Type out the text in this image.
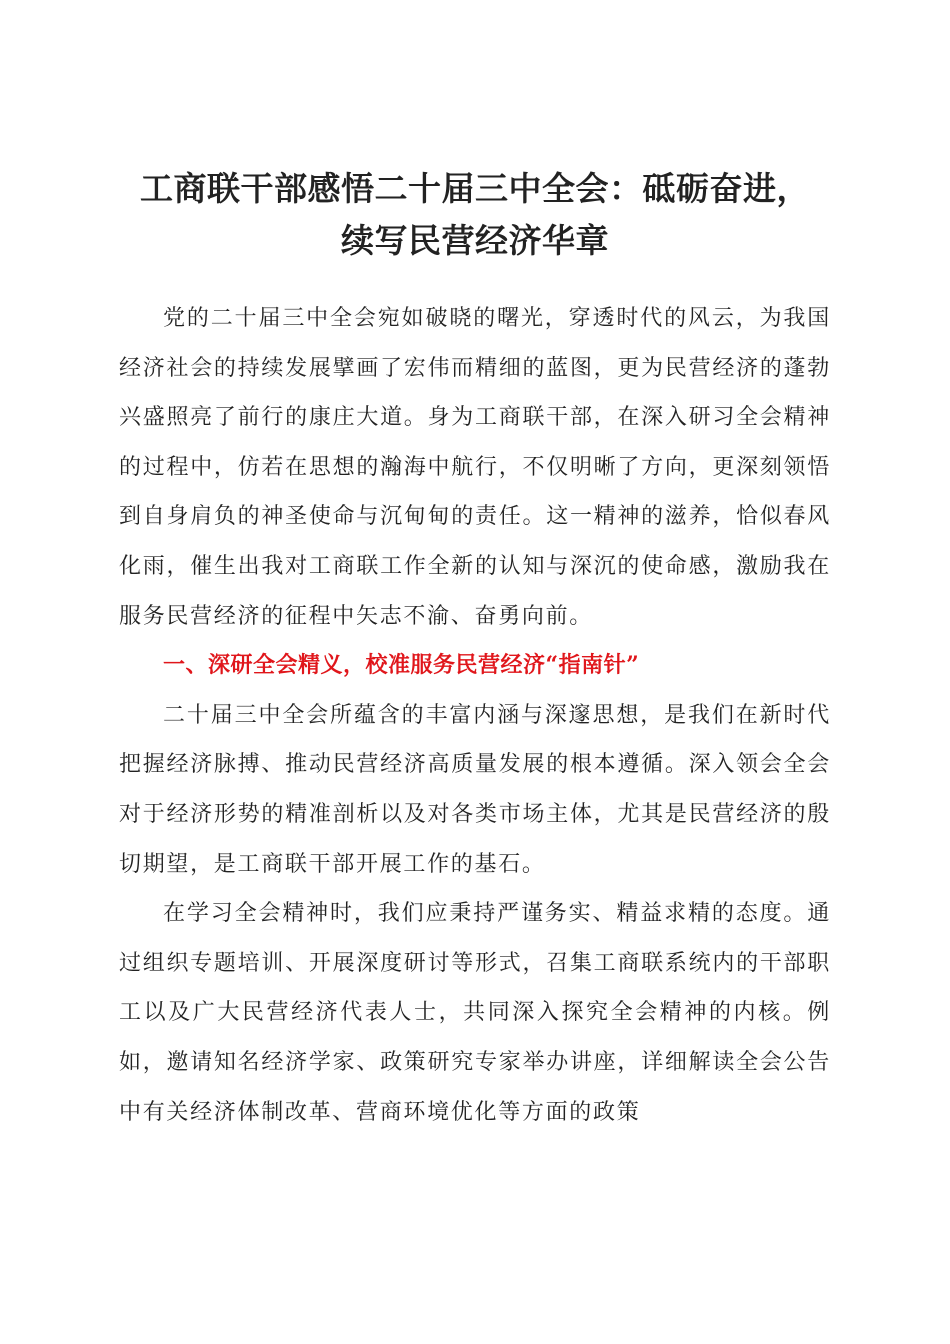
工商联干部感悟二十届三中全会：砥砺奋进，
续写民营经济华章

党的二十届三中全会宛如破晓的曙光，穿透时代的风云，为我国经济社会的持续发展擘画了宏伟而精细的蓝图，更为民营经济的蓬勃兴盛照亮了前行的康庄大道。身为工商联干部，在深入研习全会精神的过程中，仿若在思想的瀚海中航行，不仅明晰了方向，更深刻领悟到自身肩负的神圣使命与沉甸甸的责任。这一精神的滋养，恰似春风化雨，催生出我对工商联工作全新的认知与深沉的使命感，激励我在服务民营经济的征程中矢志不渝、奋勇向前。

一、深研全会精义，校准服务民营经济“指南针”

二十届三中全会所蕴含的丰富内涵与深邃思想，是我们在新时代把握经济脉搏、推动民营经济高质量发展的根本遵循。深入领会全会对于经济形势的精准剖析以及对各类市场主体，尤其是民营经济的殷切期望，是工商联干部开展工作的基石。

在学习全会精神时，我们应秉持严谨务实、精益求精的态度。通过组织专题培训、开展深度研讨等形式，召集工商联系统内的干部职工以及广大民营经济代表人士，共同深入探究全会精神的内核。例如，邀请知名经济学家、政策研究专家举办讲座，详细解读全会公告中有关经济体制改革、营商环境优化等方面的政策
